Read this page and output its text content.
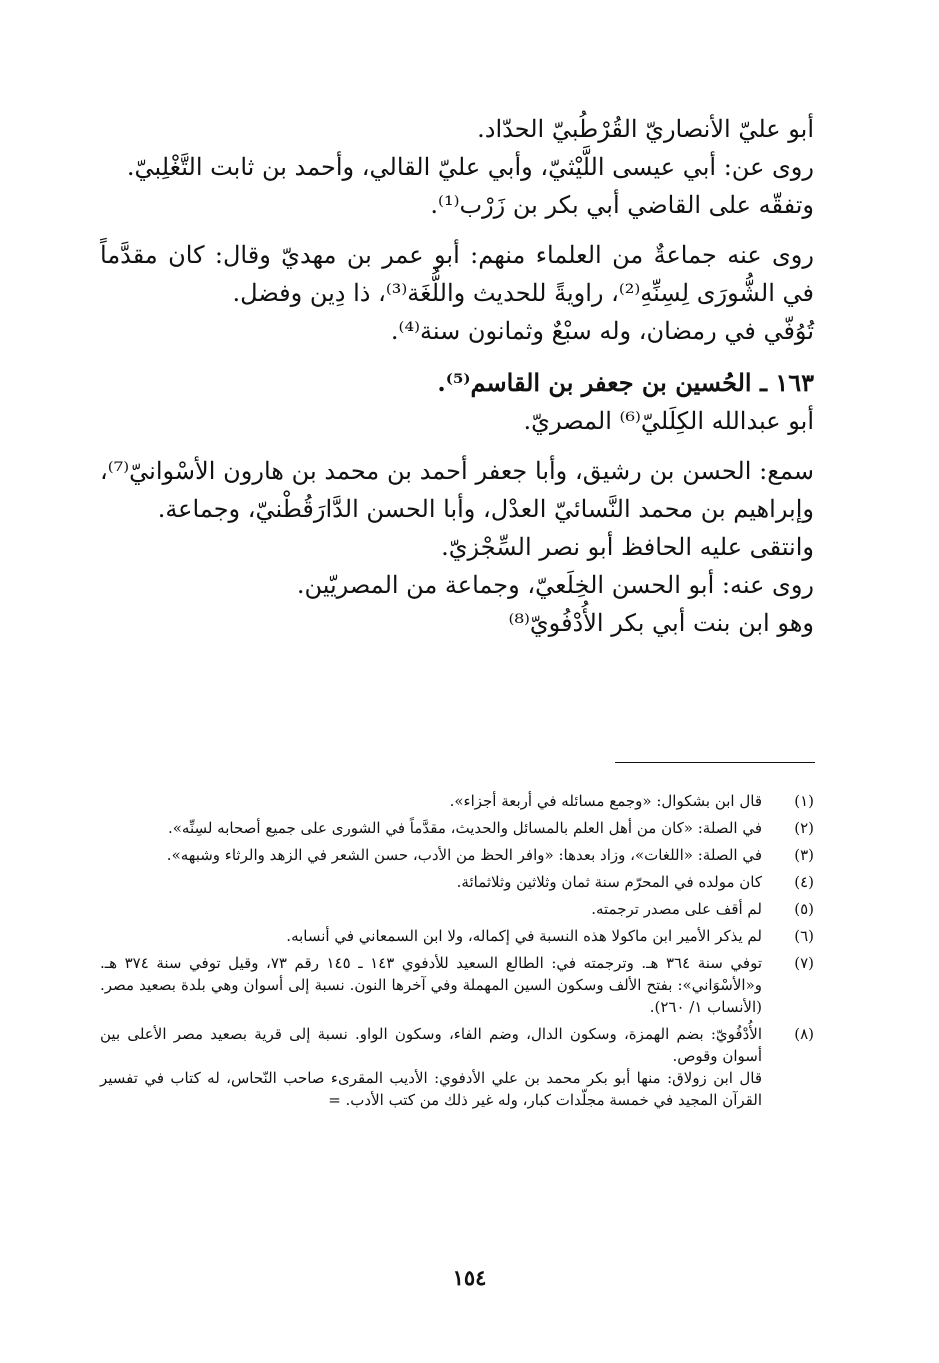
أبو عليّ الأنصاريّ القُرْطُبيّ الحدّاد.

روى عن: أبي عيسى اللَّيْثيّ، وأبي عليّ القالي، وأحمد بن ثابت التَّغْلِبيّ.

وتفقّه على القاضي أبي بكر بن زَرْب⁽¹⁾.

روى عنه جماعةٌ من العلماء منهم: أبو عمر بن مهديّ وقال: كان مقدَّماً في الشُّورَى لِسِنِّهِ⁽²⁾، راويةً للحديث واللُّغَة⁽³⁾، ذا دِين وفضل.

تُوُفّي في رمضان، وله سبْعٌ وثمانون سنة⁽⁴⁾.

١٦٣ ـ الحُسين بن جعفر بن القاسم⁽⁵⁾.

أبو عبدالله الكِلَليّ⁽⁶⁾ المصريّ.

سمع: الحسن بن رشيق، وأبا جعفر أحمد بن محمد بن هارون الأسْوانيّ⁽⁷⁾، وإبراهيم بن محمد النَّسائيّ العدْل، وأبا الحسن الدَّارَقُطْنيّ، وجماعة.

وانتقى عليه الحافظ أبو نصر السِّجْزيّ.

روى عنه: أبو الحسن الخِلَعيّ، وجماعة من المصريّين.

وهو ابن بنت أبي بكر الأُدْفُويّ⁽⁸⁾

(١)
قال ابن بشكوال: «وجمع مسائله في أربعة أجزاء».
(٢)
في الصلة: «كان من أهل العلم بالمسائل والحديث، مقدَّماً في الشورى على جميع أصحابه لسِنِّه».
(٣)
في الصلة: «اللغات»، وزاد بعدها: «وافر الحظ من الأدب، حسن الشعر في الزهد والرثاء وشبهه».
(٤)
كان مولده في المحرّم سنة ثمان وثلاثين وثلاثمائة.
(٥)
لم أقف على مصدر ترجمته.
(٦)
لم يذكر الأمير ابن ماكولا هذه النسبة في إكماله، ولا ابن السمعاني في أنسابه.
(٧)
توفي سنة ٣٦٤ هـ. وترجمته في: الطالع السعيد للأدفوي ١٤٣ ـ ١٤٥ رقم ٧٣، وقيل توفي سنة ٣٧٤ هـ. و«الأسْوَاني»: بفتح الألف وسكون السين المهملة وفي آخرها النون. نسبة إلى أسوان وهي بلدة بصعيد مصر. (الأنساب ١/ ٢٦٠).
(٨)
الأُدْفُويّ: بضم الهمزة، وسكون الدال، وضم الفاء، وسكون الواو. نسبة إلى قرية بصعيد مصر الأعلى بين أسوان وقوص.
قال ابن زولاق: منها أبو بكر محمد بن علي الأدفوي: الأديب المقرىء صاحب النّحاس، له كتاب في تفسير القرآن المجيد في خمسة مجلّدات كبار، وله غير ذلك من كتب الأدب. =
١٥٤
